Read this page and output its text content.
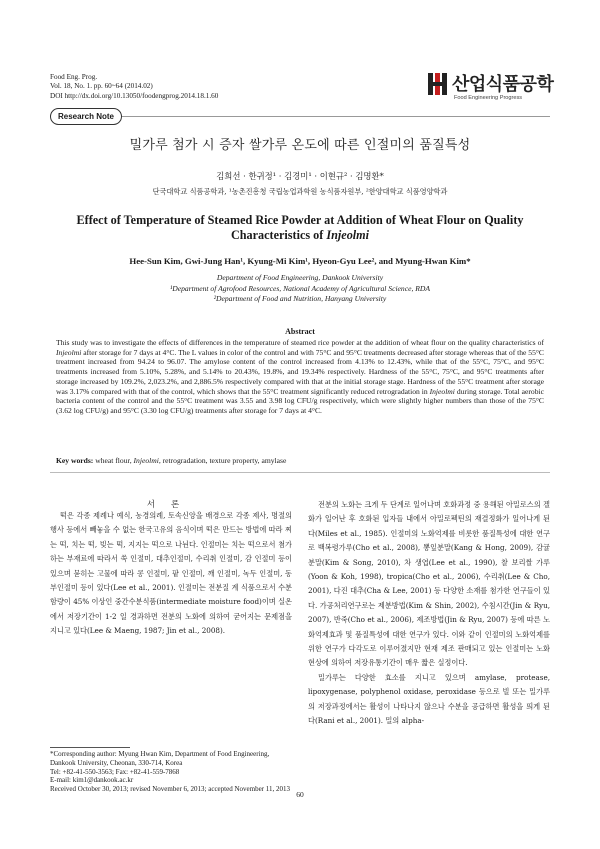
Food Eng. Prog.
Vol. 18, No. 1. pp. 60~64 (2014.02)
DOI http://dx.doi.org/10.13050/foodengprog.2014.18.1.60
산업식품공학
Food Engineering Progress
Research Note
밀가루 첨가 시 증자 쌀가루 온도에 따른 인절미의 품질특성
김희선 · 한귀정¹ · 김경미¹ · 이현규² · 김명환*
단국대학교 식품공학과, ¹농촌진흥청 국립농업과학원 농식품자원부, ²한양대학교 식품영양학과
Effect of Temperature of Steamed Rice Powder at Addition of Wheat Flour on Quality Characteristics of Injeolmi
Hee-Sun Kim, Gwi-Jung Han¹, Kyung-Mi Kim¹, Hyeon-Gyu Lee², and Myung-Hwan Kim*
Department of Food Engineering, Dankook University
¹Department of Agrofood Resources, National Academy of Agricultural Science, RDA
²Department of Food and Nutrition, Hanyang University
Abstract
This study was to investigate the effects of differences in the temperature of steamed rice powder at the addition of wheat flour on the quality characteristics of Injeolmi after storage for 7 days at 4°C. The L values in color of the control and with 75°C and 95°C treatments decreased after storage whereas that of the 55°C treatment increased from 94.24 to 96.07. The amylose content of the control increased from 4.13% to 12.43%, while that of the 55°C, 75°C, and 95°C treatments increased from 5.10%, 5.28%, and 5.14% to 20.43%, 19.8%, and 19.34% respectively. Hardness of the 55°C, 75°C, and 95°C treatments after storage increased by 109.2%, 2,023.2%, and 2,886.5% respectively compared with that at the initial storage stage. Hardness of the 55°C treatment after storage was 3.17% compared with that of the control, which shows that the 55°C treatment significantly reduced retrogradation in Injeolmi during storage. Total aerobic bacteria content of the control and the 55°C treatment was 3.55 and 3.98 log CFU/g respectively, which were slightly higher numbers than those of the 75°C (3.62 log CFU/g) and 95°C (3.30 log CFU/g) treatments after storage for 7 days at 4°C.
Key words: wheat flour, Injeolmi, retrogradation, texture property, amylase
서론

떡은 각종 제례나 예식, 농경의례, 토속신앙을 배경으로 각종 제사, 명절의 행사 등에서 빼놓을 수 없는 한국고유의 음식이며 떡은 만드는 방법에 따라 찌는 떡, 치는 떡, 빚는 떡, 지지는 떡으로 나뉜다. 인절미는 치는 떡으로서 첨가하는 부재료에 따라서 쑥 인절미, 대추인절미, 수리취 인절미, 감 인절미 등이 있으며 묻히는 고물에 따라 콩 인절미, 팥 인절미, 깨 인절미, 녹두 인절미, 동부인절미 등이 있다(Lee et al., 2001). 인절미는 전분질 계 식품으로서 수분함량이 45% 이상인 중간수분식품(intermediate moisture food)이며 실온에서 저장기간이 1-2 일 경과하면 전분의 노화에 의하여 굳어지는 문제점을 지니고 있다(Lee & Maeng, 1987; Jin et al., 2008).

전분의 노화는 크게 두 단계로 일어나며 호화과정 중 용해된 아밀로스의 겔화가 일어난 후 호화된 입자들 내에서 아밀로펙틴의 재결정화가 일어나게 된다(Miles et al., 1985). 인절미의 노화억제를 비롯한 품질특성에 대한 연구로 백복령가루(Cho et al., 2008), 뽕잎분말(Kang & Hong, 2009), 감귤분말(Kim & Song, 2010), 차 생엽(Lee et al., 1990), 찰 보리쌀 가루(Yoon & Koh, 1998), tropica(Cho et al., 2006), 수리취(Lee & Cho, 2001), 다진 대추(Cha & Lee, 2001) 등 다양한 소재를 첨가한 연구들이 있다. 가공처리연구로는 제분방법(Kim & Shin, 2002), 수침시간(Jin & Ryu, 2007), 반죽(Cho et al., 2006), 제조방법(Jin & Ryu, 2007) 등에 따른 노화억제효과 및 품질특성에 대한 연구가 있다. 이와 같이 인절미의 노화억제를 위한 연구가 다각도로 이루어졌지만 현재 제조 판매되고 있는 인절미는 노화현상에 의하여 저장유통기간이 매우 짧은 실정이다.

밀가루는 다양한 효소를 지니고 있으며 amylase, protease, lipoxygenase, polyphenol oxidase, peroxidase 등으로 빌 또는 밀가루의 저장과정에서는 활성이 나타나지 않으나 수분을 공급하면 활성을 띄게 된다(Rani et al., 2001). 밀의 alpha-

*Corresponding author: Myung Hwan Kim, Department of Food Engineering, Dankook University, Cheonan, 330-714, Korea
Tel: +82-41-550-3563; Fax: +82-41-559-7868
E-mail: kim1@dankook.ac.kr
Received October 30, 2013; revised November 6, 2013; accepted November 11, 2013
60
